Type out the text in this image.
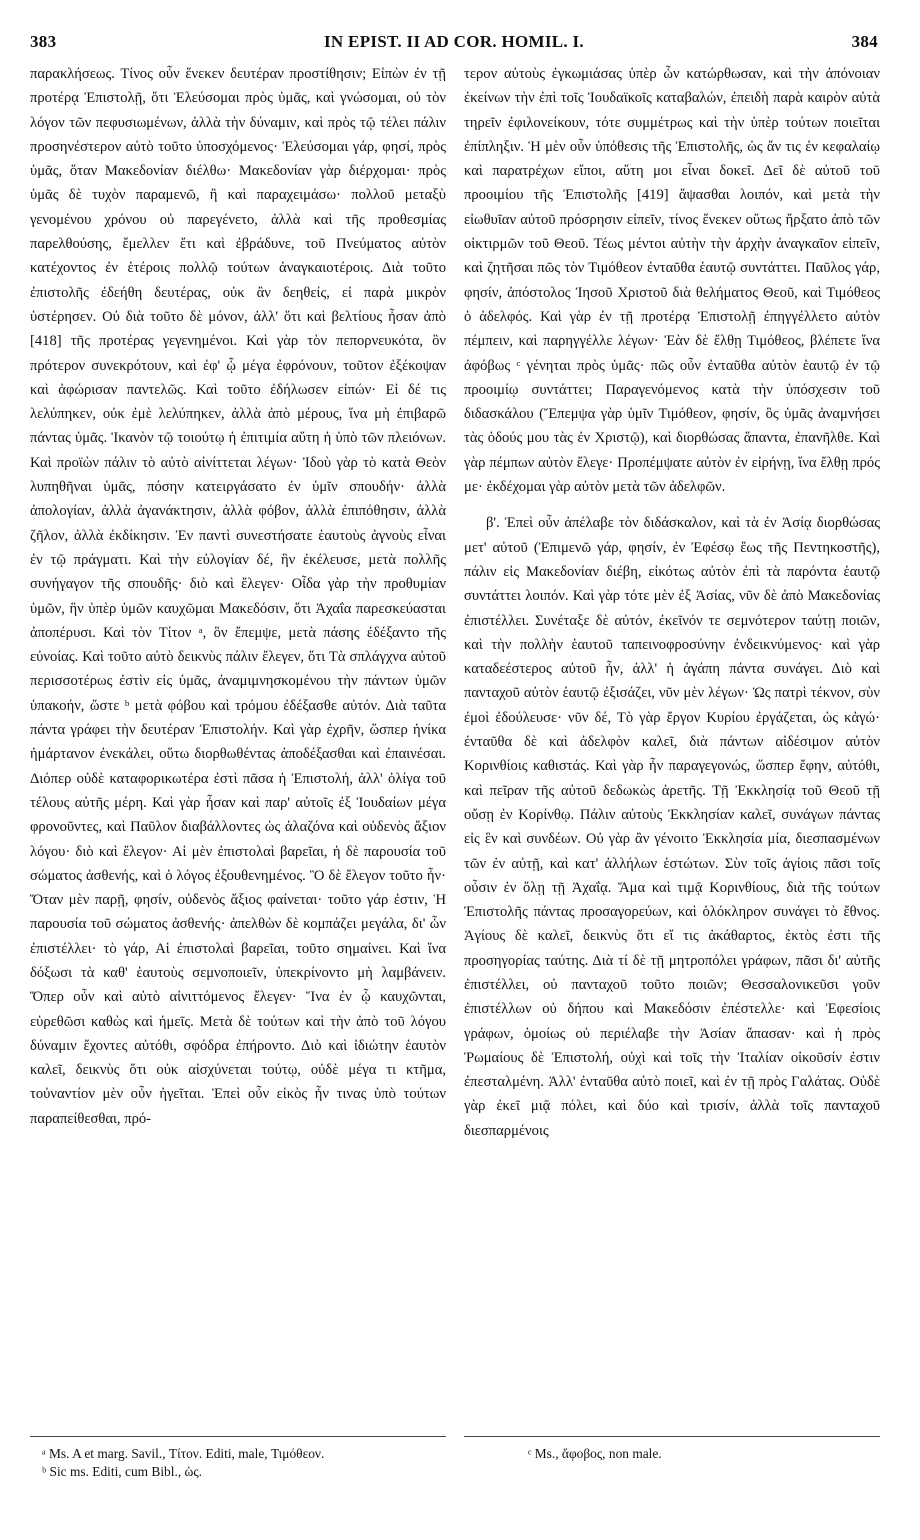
383	IN EPIST. II AD COR. HOMIL. I.	384

παρακλήσεως. Τίνος οὖν ἕνεκεν δευτέραν προστίθησιν; Εἰπὼν ἐν τῇ προτέρᾳ Ἐπιστολῇ, ὅτι Ἐλεύσομαι πρὸς ὑμᾶς, καὶ γνώσομαι, οὐ τὸν λόγον τῶν πεφυσιωμένων, ἀλλὰ τὴν δύναμιν, καὶ πρὸς τῷ τέλει πάλιν προσηνέστερον αὐτὸ τοῦτο ὑποσχόμενος· Ἐλεύσομαι γάρ, φησί, πρὸς ὑμᾶς, ὅταν Μακεδονίαν διέλθω· Μακεδονίαν γὰρ διέρχομαι· πρὸς ὑμᾶς δὲ τυχὸν παραμενῶ, ἢ καὶ παραχειμάσω· πολλοῦ μεταξὺ γενομένου χρόνου οὐ παρεγένετο, ἀλλὰ καὶ τῆς προθεσμίας παρελθούσης, ἔμελλεν ἔτι καὶ ἐβράδυνε, τοῦ Πνεύματος αὐτὸν κατέχοντος ἐν ἑτέροις πολλῷ τούτων ἀναγκαιοτέροις. Διὰ τοῦτο ἐπιστολῆς ἐδεήθη δευτέρας, οὐκ ἂν δεηθείς, εἰ παρὰ μικρὸν ὑστέρησεν. Οὐ διὰ τοῦτο δὲ μόνον, ἀλλ' ὅτι καὶ βελτίους ἦσαν ἀπὸ [418] τῆς προτέρας γεγενημένοι. Καὶ γὰρ τὸν πεπορνευκότα, ὃν πρότερον συνεκρότουν, καὶ ἐφ' ᾧ μέγα ἐφρόνουν, τοῦτον ἐξέκοψαν καὶ ἀφώρισαν παντελῶς. Καὶ τοῦτο ἐδήλωσεν εἰπών· Εἰ δέ τις λελύπηκεν, οὐκ ἐμὲ λελύπηκεν, ἀλλὰ ἀπὸ μέρους, ἵνα μὴ ἐπιβαρῶ πάντας ὑμᾶς. Ἱκανὸν τῷ τοιούτῳ ἡ ἐπιτιμία αὕτη ἡ ὑπὸ τῶν πλειόνων. Καὶ προϊὼν πάλιν τὸ αὐτὸ αἰνίττεται λέγων· Ἰδοὺ γὰρ τὸ κατὰ Θεὸν λυπηθῆναι ὑμᾶς, πόσην κατειργάσατο ἐν ὑμῖν σπουδήν· ἀλλὰ ἀπολογίαν, ἀλλὰ ἀγανάκτησιν, ἀλλὰ φόβον, ἀλλὰ ἐπιπόθησιν, ἀλλὰ ζῆλον, ἀλλὰ ἐκδίκησιν. Ἐν παντὶ συνεστήσατε ἑαυτοὺς ἁγνοὺς εἶναι ἐν τῷ πράγματι. Καὶ τὴν εὐλογίαν δέ, ἣν ἐκέλευσε, μετὰ πολλῆς συνήγαγον τῆς σπουδῆς· διὸ καὶ ἔλεγεν· Οἶδα γὰρ τὴν προθυμίαν ὑμῶν, ἣν ὑπὲρ ὑμῶν καυχῶμαι Μακεδόσιν, ὅτι Ἀχαΐα παρεσκεύασται ἀποπέρυσι. Καὶ τὸν Τίτον ᵃ, ὃν ἔπεμψε, μετὰ πάσης ἐδέξαντο τῆς εὐνοίας. Καὶ τοῦτο αὐτὸ δεικνὺς πάλιν ἔλεγεν, ὅτι Τὰ σπλάγχνα αὐτοῦ περισσοτέρως ἐστὶν εἰς ὑμᾶς, ἀναμιμνησκομένου τὴν πάντων ὑμῶν ὑπακοήν, ὥστε ᵇ μετὰ φόβου καὶ τρόμου ἐδέξασθε αὐτόν. Διὰ ταῦτα πάντα γράφει τὴν δευτέραν Ἐπιστολήν. Καὶ γὰρ ἐχρῆν, ὥσπερ ἡνίκα ἡμάρτανον ἐνεκάλει, οὕτω διορθωθέντας ἀποδέξασθαι καὶ ἐπαινέσαι. Διόπερ οὐδὲ καταφορικωτέρα ἐστὶ πᾶσα ἡ Ἐπιστολή, ἀλλ' ὀλίγα τοῦ τέλους αὐτῆς μέρη. Καὶ γὰρ ἦσαν καὶ παρ' αὐτοῖς ἐξ Ἰουδαίων μέγα φρονοῦντες, καὶ Παῦλον διαβάλλοντες ὡς ἀλαζόνα καὶ οὐδενὸς ἄξιον λόγου· διὸ καὶ ἔλεγον· Αἱ μὲν ἐπιστολαὶ βαρεῖαι, ἡ δὲ παρουσία τοῦ σώματος ἀσθενής, καὶ ὁ λόγος ἐξουθενημένος. Ὃ δὲ ἔλεγον τοῦτο ἦν· Ὅταν μὲν παρῇ, φησίν, οὐδενὸς ἄξιος φαίνεται· τοῦτο γάρ ἐστιν, Ἡ παρουσία τοῦ σώματος ἀσθενής· ἀπελθὼν δὲ κομπάζει μεγάλα, δι' ὧν ἐπιστέλλει· τὸ γάρ, Αἱ ἐπιστολαὶ βαρεῖαι, τοῦτο σημαίνει. Καὶ ἵνα δόξωσι τὰ καθ' ἑαυτοὺς σεμνοποιεῖν, ὑπεκρίνοντο μὴ λαμβάνειν. Ὅπερ οὖν καὶ αὐτὸ αἰνιττόμενος ἔλεγεν· Ἵνα ἐν ᾧ καυχῶνται, εὑρεθῶσι καθὼς καὶ ἡμεῖς. Μετὰ δὲ τούτων καὶ τὴν ἀπὸ τοῦ λόγου δύναμιν ἔχοντες αὐτόθι, σφόδρα ἐπήροντο. Διὸ καὶ ἰδιώτην ἑαυτὸν καλεῖ, δεικνὺς ὅτι οὐκ αἰσχύνεται τούτῳ, οὐδὲ μέγα τι κτῆμα, τοὐναντίον μὲν οὖν ἡγεῖται. Ἐπεὶ οὖν εἰκὸς ἦν τινας ὑπὸ τούτων παραπείθεσθαι, πρό-

τερον αὐτοὺς ἐγκωμιάσας ὑπὲρ ὧν κατώρθωσαν, καὶ τὴν ἀπόνοιαν ἐκείνων τὴν ἐπὶ τοῖς Ἰουδαϊκοῖς καταβαλών, ἐπειδὴ παρὰ καιρὸν αὐτὰ τηρεῖν ἐφιλονείκουν, τότε συμμέτρως καὶ τὴν ὑπὲρ τούτων ποιεῖται ἐπίπληξιν. Ἡ μὲν οὖν ὑπόθεσις τῆς Ἐπιστολῆς, ὡς ἄν τις ἐν κεφαλαίῳ καὶ παρατρέχων εἴποι, αὕτη μοι εἶναι δοκεῖ. Δεῖ δὲ αὐτοῦ τοῦ προοιμίου τῆς Ἐπιστολῆς [419] ἅψασθαι λοιπόν, καὶ μετὰ τὴν εἰωθυῖαν αὐτοῦ πρόσρησιν εἰπεῖν, τίνος ἕνεκεν οὕτως ἤρξατο ἀπὸ τῶν οἰκτιρμῶν τοῦ Θεοῦ. Τέως μέντοι αὐτὴν τὴν ἀρχὴν ἀναγκαῖον εἰπεῖν, καὶ ζητῆσαι πῶς τὸν Τιμόθεον ἐνταῦθα ἑαυτῷ συντάττει. Παῦλος γάρ, φησίν, ἀπόστολος Ἰησοῦ Χριστοῦ διὰ θελήματος Θεοῦ, καὶ Τιμόθεος ὁ ἀδελφός. Καὶ γὰρ ἐν τῇ προτέρᾳ Ἐπιστολῇ ἐπηγγέλλετο αὐτὸν πέμπειν, καὶ παρηγγέλλε λέγων· Ἐὰν δὲ ἔλθῃ Τιμόθεος, βλέπετε ἵνα ἀφόβως ᶜ γένηται πρὸς ὑμᾶς· πῶς οὖν ἐνταῦθα αὐτὸν ἑαυτῷ ἐν τῷ προοιμίῳ συντάττει; Παραγενόμενος κατὰ τὴν ὑπόσχεσιν τοῦ διδασκάλου (Ἔπεμψα γὰρ ὑμῖν Τιμόθεον, φησίν, ὃς ὑμᾶς ἀναμνήσει τὰς ὁδούς μου τὰς ἐν Χριστῷ), καὶ διορθώσας ἅπαντα, ἐπανῆλθε. Καὶ γὰρ πέμπων αὐτὸν ἔλεγε· Προπέμψατε αὐτὸν ἐν εἰρήνῃ, ἵνα ἔλθῃ πρός με· ἐκδέχομαι γὰρ αὐτὸν μετὰ τῶν ἀδελφῶν.

β'. Ἐπεὶ οὖν ἀπέλαβε τὸν διδάσκαλον, καὶ τὰ ἐν Ἀσίᾳ διορθώσας μετ' αὐτοῦ (Ἐπιμενῶ γάρ, φησίν, ἐν Ἐφέσῳ ἕως τῆς Πεντηκοστῆς), πάλιν εἰς Μακεδονίαν διέβη, εἰκότως αὐτὸν ἐπὶ τὰ παρόντα ἑαυτῷ συντάττει λοιπόν. Καὶ γὰρ τότε μὲν ἐξ Ἀσίας, νῦν δὲ ἀπὸ Μακεδονίας ἐπιστέλλει. Συνέταξε δὲ αὐτόν, ἐκεῖνόν τε σεμνότερον ταύτῃ ποιῶν, καὶ τὴν πολλὴν ἑαυτοῦ ταπεινοφροσύνην ἐνδεικνύμενος· καὶ γὰρ καταδεέστερος αὐτοῦ ἦν, ἀλλ' ἡ ἀγάπη πάντα συνάγει. Διὸ καὶ πανταχοῦ αὐτὸν ἑαυτῷ ἐξισάζει, νῦν μὲν λέγων· Ὡς πατρὶ τέκνον, σὺν ἐμοὶ ἐδούλευσε· νῦν δέ, Τὸ γὰρ ἔργον Κυρίου ἐργάζεται, ὡς κἀγώ· ἐνταῦθα δὲ καὶ ἀδελφὸν καλεῖ, διὰ πάντων αἰδέσιμον αὐτὸν Κορινθίοις καθιστάς. Καὶ γὰρ ἦν παραγεγονώς, ὥσπερ ἔφην, αὐτόθι, καὶ πεῖραν τῆς αὐτοῦ δεδωκὼς ἀρετῆς. Τῇ Ἐκκλησίᾳ τοῦ Θεοῦ τῇ οὔσῃ ἐν Κορίνθῳ. Πάλιν αὐτοὺς Ἐκκλησίαν καλεῖ, συνάγων πάντας εἰς ἓν καὶ συνδέων. Οὐ γὰρ ἂν γένοιτο Ἐκκλησία μία, διεσπασμένων τῶν ἐν αὐτῇ, καὶ κατ' ἀλλήλων ἑστώτων. Σὺν τοῖς ἁγίοις πᾶσι τοῖς οὖσιν ἐν ὅλῃ τῇ Ἀχαΐᾳ. Ἅμα καὶ τιμᾷ Κορινθίους, διὰ τῆς τούτων Ἐπιστολῆς πάντας προσαγορεύων, καὶ ὁλόκληρον συνάγει τὸ ἔθνος. Ἁγίους δὲ καλεῖ, δεικνὺς ὅτι εἴ τις ἀκάθαρτος, ἐκτὸς ἐστι τῆς προσηγορίας ταύτης. Διὰ τί δὲ τῇ μητροπόλει γράφων, πᾶσι δι' αὐτῆς ἐπιστέλλει, οὐ πανταχοῦ τοῦτο ποιῶν; Θεσσαλονικεῦσι γοῦν ἐπιστέλλων οὐ δήπου καὶ Μακεδόσιν ἐπέστελλε· καὶ Ἐφεσίοις γράφων, ὁμοίως οὐ περιέλαβε τὴν Ἀσίαν ἅπασαν· καὶ ἡ πρὸς Ῥωμαίους δὲ Ἐπιστολή, οὐχὶ καὶ τοῖς τὴν Ἰταλίαν οἰκοῦσίν ἐστιν ἐπεσταλμένη. Ἀλλ' ἐνταῦθα αὐτὸ ποιεῖ, καὶ ἐν τῇ πρὸς Γαλάτας. Οὐδὲ γὰρ ἐκεῖ μιᾷ πόλει, καὶ δύο καὶ τρισίν, ἀλλὰ τοῖς πανταχοῦ διεσπαρμένοις

ᵃ Ms. A et marg. Savil., Τίτον. Editi, male, Τιμόθεον.

ᵇ Sic ms. Editi, cum Bibl., ὡς.

ᶜ Ms., ἄφοβος, non male.
